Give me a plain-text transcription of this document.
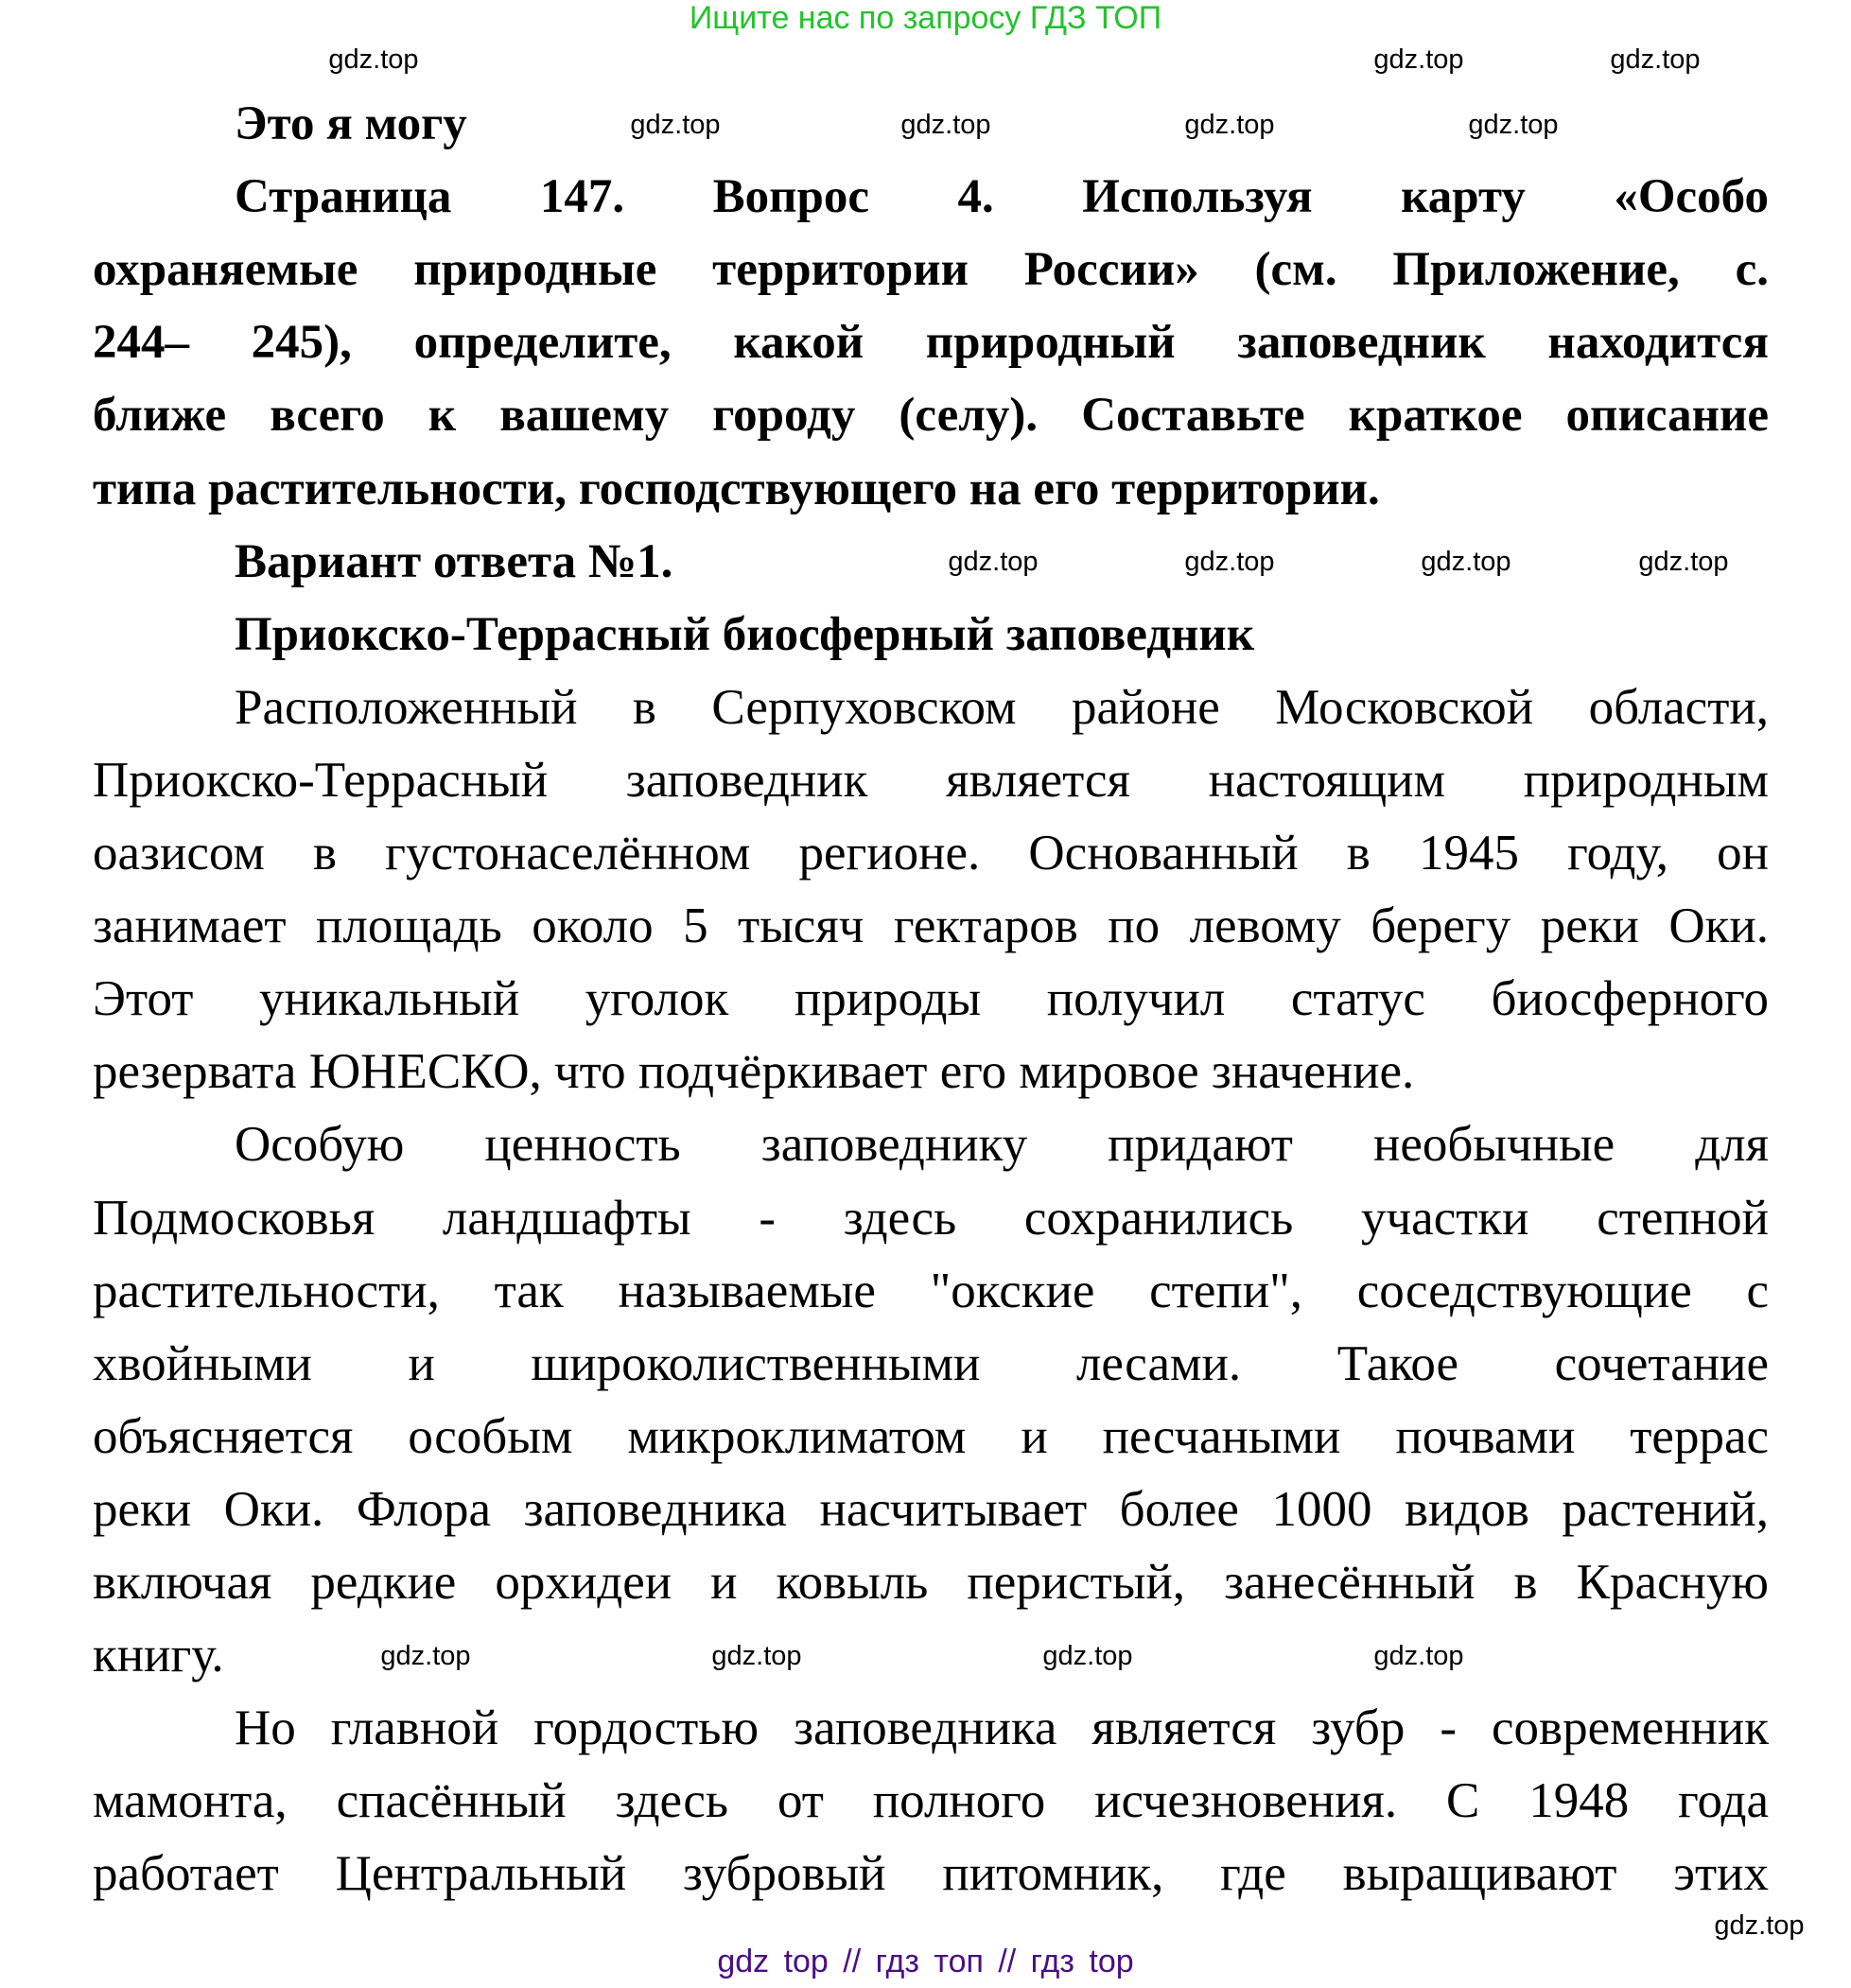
Ищите нас по запросу ГДЗ ТОП
Это я могу
Страница 147. Вопрос 4. Используя карту «Особо
охраняемые природные территории России» (см. Приложение, с.
244– 245), определите, какой природный заповедник находится
ближе всего к вашему городу (селу). Составьте краткое описание
типа растительности, господствующего на его территории.
Вариант ответа №1.
Приокско-Террасный биосферный заповедник
Расположенный в Серпуховском районе Московской области,
Приокско-Террасный заповедник является настоящим природным
оазисом в густонаселённом регионе. Основанный в 1945 году, он
занимает площадь около 5 тысяч гектаров по левому берегу реки Оки.
Этот уникальный уголок природы получил статус биосферного
резервата ЮНЕСКО, что подчёркивает его мировое значение.
Особую ценность заповеднику придают необычные для
Подмосковья ландшафты - здесь сохранились участки степной
растительности, так называемые "окские степи", соседствующие с
хвойными и широколиственными лесами. Такое сочетание
объясняется особым микроклиматом и песчаными почвами террас
реки Оки. Флора заповедника насчитывает более 1000 видов растений,
включая редкие орхидеи и ковыль перистый, занесённый в Красную
книгу.
Но главной гордостью заповедника является зубр - современник
мамонта, спасённый здесь от полного исчезновения. С 1948 года
работает Центральный зубровый питомник, где выращивают этих
gdz.top	gdz.top	gdz.top
gdz.top	gdz.top	gdz.top	gdz.top
gdz.top	gdz.top	gdz.top	gdz.top
gdz.top	gdz.top	gdz.top	gdz.top
gdz.top
gdz top // гдз топ // гдз top
